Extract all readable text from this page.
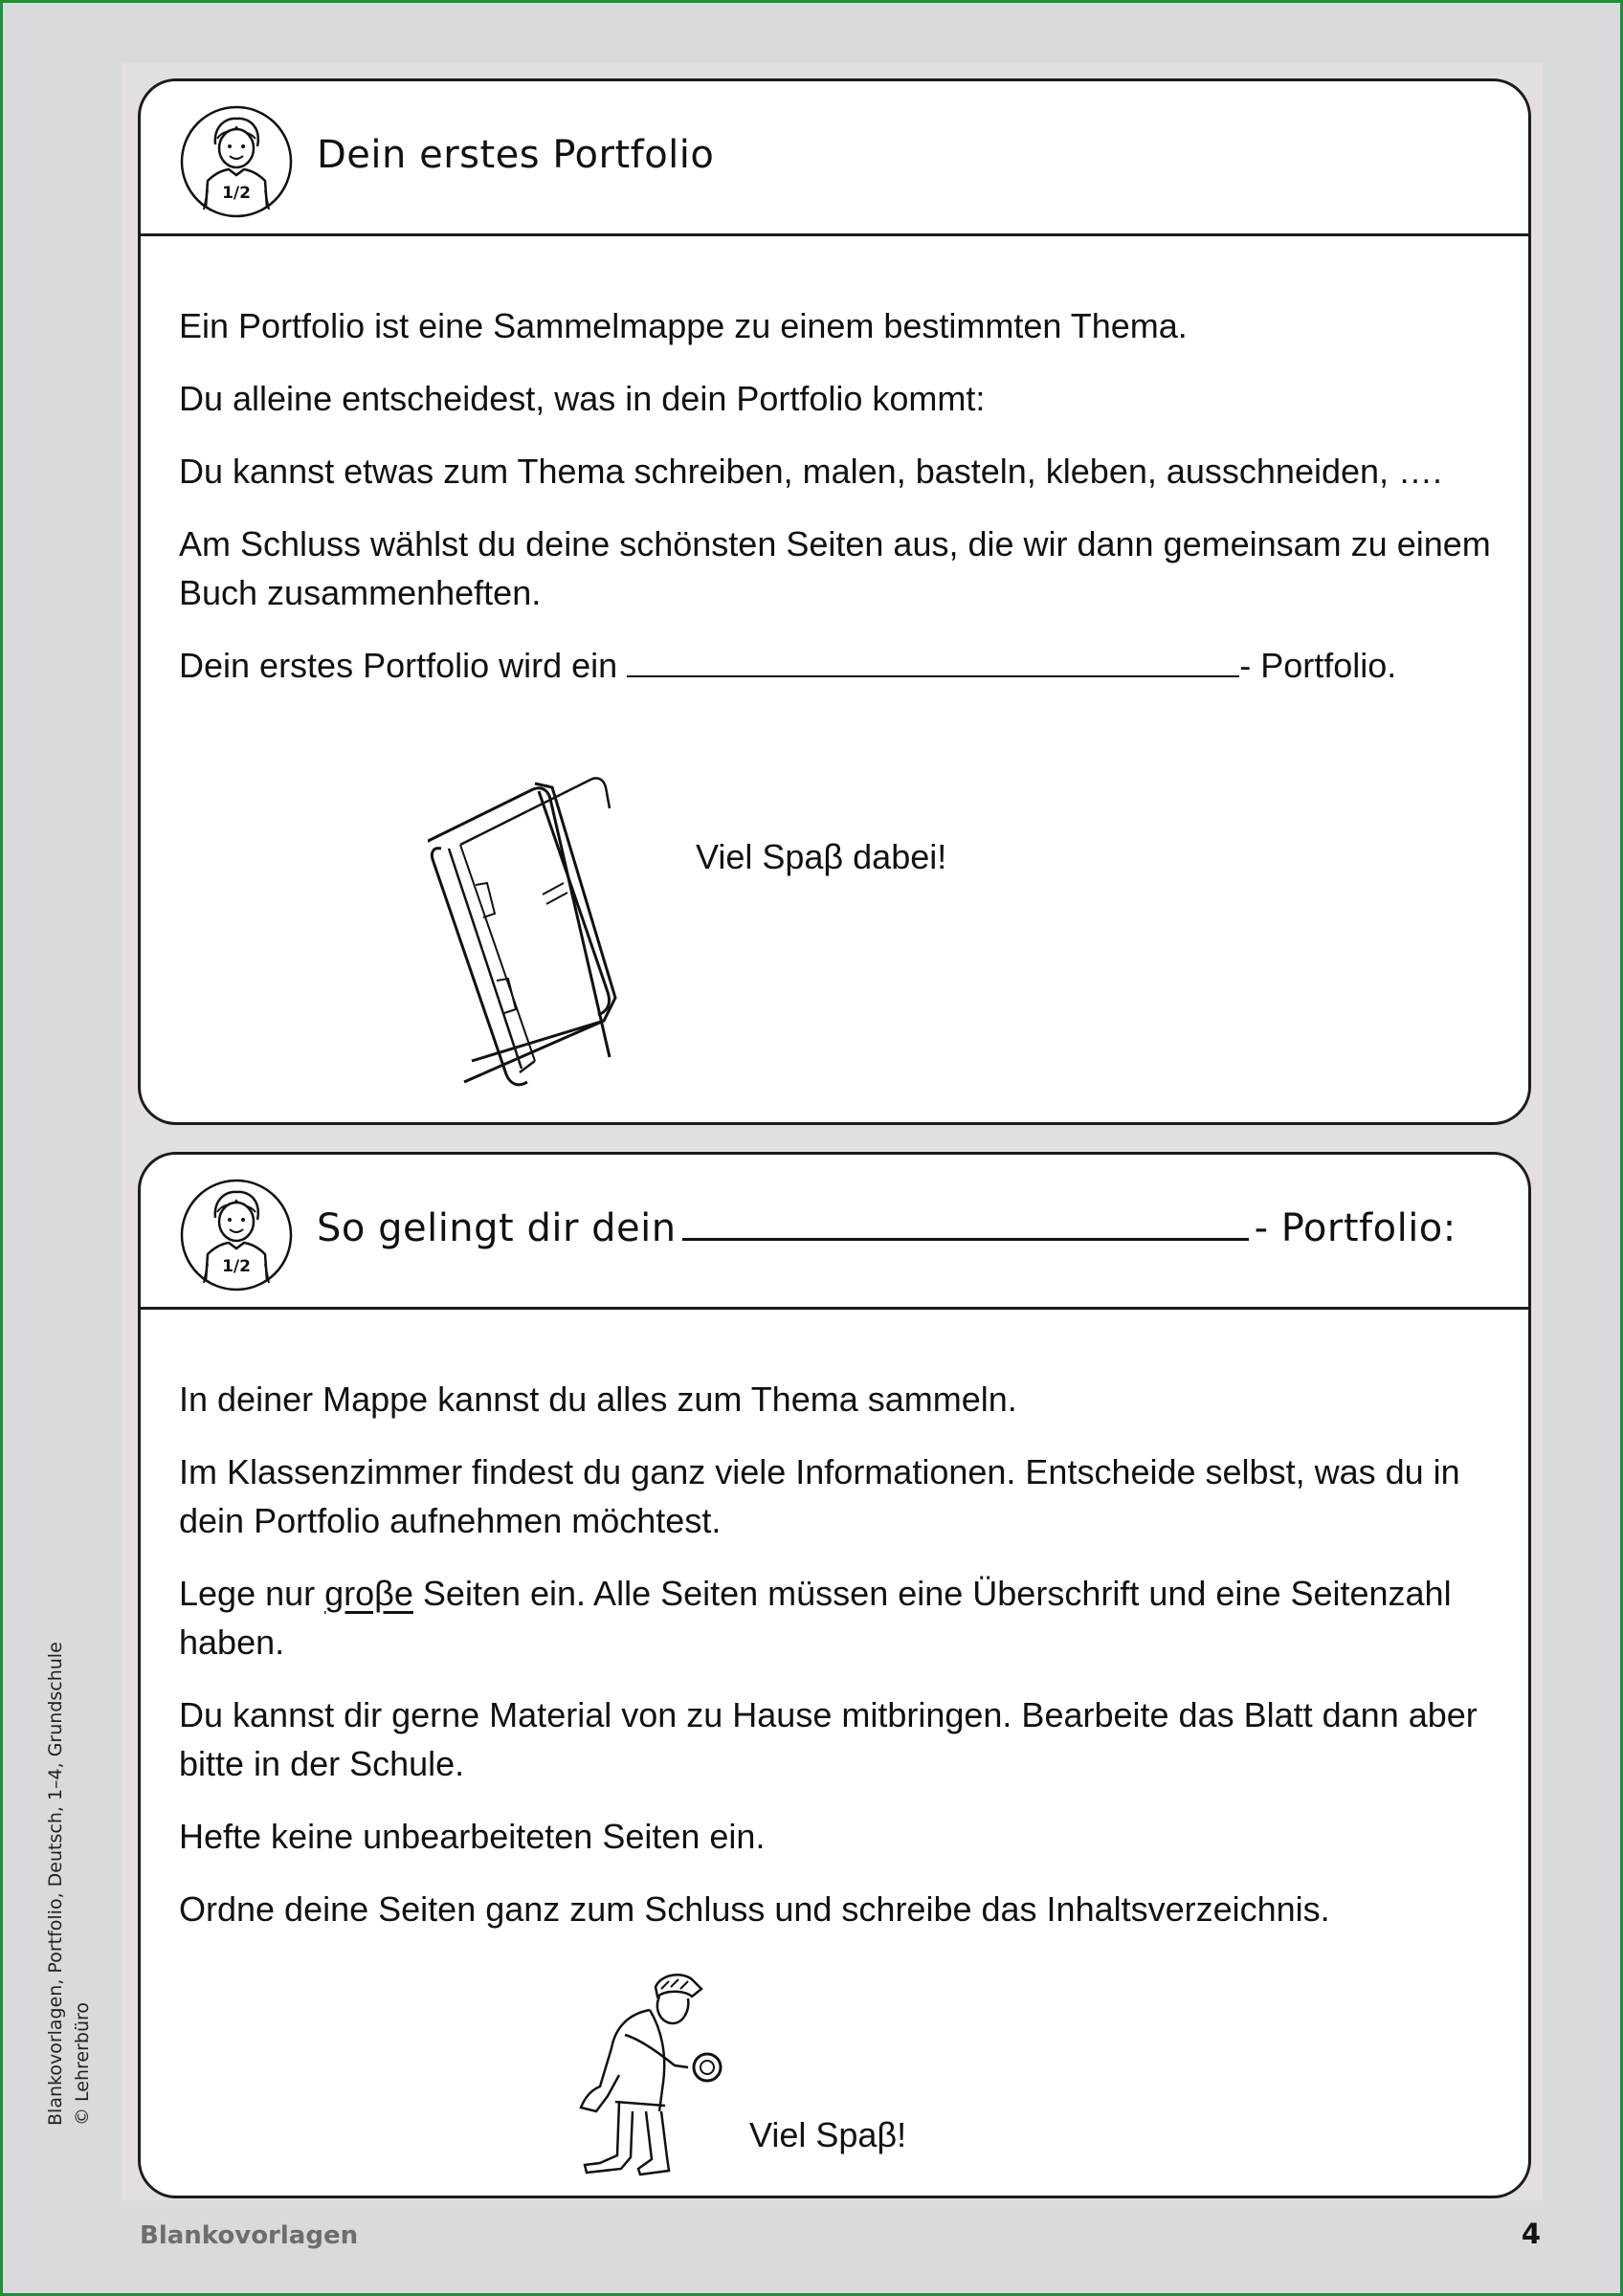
1/2
Dein erstes Portfolio

Ein Portfolio ist eine Sammelmappe zu einem bestimmten Thema.

Du alleine entscheidest, was in dein Portfolio kommt:

Du kannst etwas zum Thema schreiben, malen, basteln, kleben, ausschneiden, ….

Am Schluss wählst du deine schönsten Seiten aus, die wir dann gemeinsam zu einem Buch zusammenheften.

Dein erstes Portfolio wird ein	- Portfolio.

Viel Spaβ dabei!
1/2
So gelingt dir dein	- Portfolio:

In deiner Mappe kannst du alles zum Thema sammeln.

Im Klassenzimmer findest du ganz viele Informationen. Entscheide selbst, was du in dein Portfolio aufnehmen möchtest.

Lege nur groβe Seiten ein. Alle Seiten müssen eine Überschrift und eine Seitenzahl haben.

Du kannst dir gerne Material von zu Hause mitbringen. Bearbeite das Blatt dann aber bitte in der Schule.

Hefte keine unbearbeiteten Seiten ein.

Ordne deine Seiten ganz zum Schluss und schreibe das Inhaltsverzeichnis.

Viel Spaβ!
Blankovorlagen, Portfolio, Deutsch, 1–4, Grundschule © Lehrerbüro
Blankovorlagen	4
